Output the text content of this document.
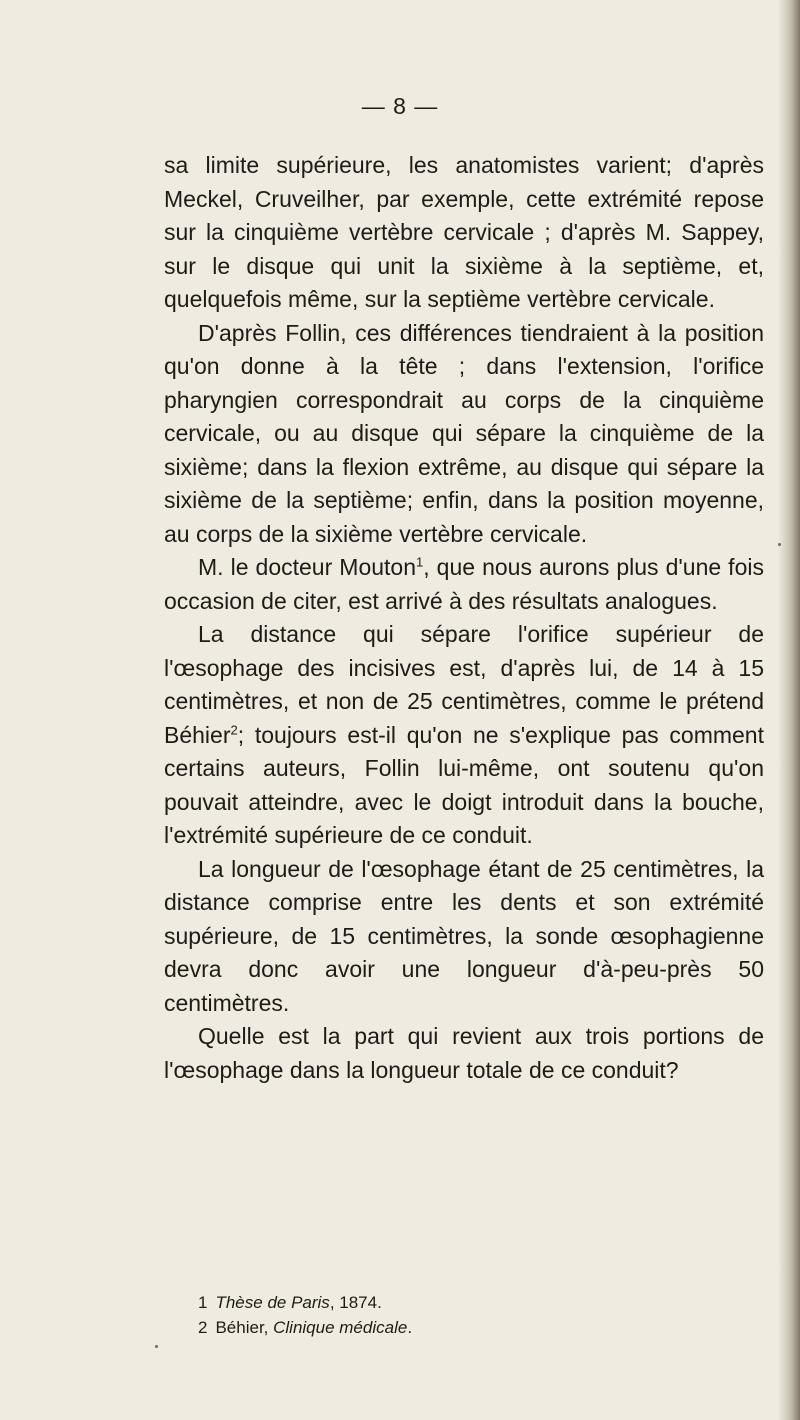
— 8 —

sa limite supérieure, les anatomistes varient; d'après Meckel, Cruveilher, par exemple, cette extrémité repose sur la cinquième vertèbre cervicale ; d'après M. Sappey, sur le disque qui unit la sixième à la septième, et, quelquefois même, sur la septième vertèbre cervicale.

D'après Follin, ces différences tiendraient à la position qu'on donne à la tête ; dans l'extension, l'orifice pharyngien correspondrait au corps de la cinquième cervicale, ou au disque qui sépare la cinquième de la sixième; dans la flexion extrême, au disque qui sépare la sixième de la septième; enfin, dans la position moyenne, au corps de la sixième vertèbre cervicale.

M. le docteur Mouton$^1$, que nous aurons plus d'une fois occasion de citer, est arrivé à des résultats analogues.

La distance qui sépare l'orifice supérieur de l'œsophage des incisives est, d'après lui, de 14 à 15 centimètres, et non de 25 centimètres, comme le prétend Béhier$^2$; toujours est-il qu'on ne s'explique pas comment certains auteurs, Follin lui-même, ont soutenu qu'on pouvait atteindre, avec le doigt introduit dans la bouche, l'extrémité supérieure de ce conduit.

La longueur de l'œsophage étant de 25 centimètres, la distance comprise entre les dents et son extrémité supérieure, de 15 centimètres, la sonde œsophagienne devra donc avoir une longueur d'à-peu-près 50 centimètres.

Quelle est la part qui revient aux trois portions de l'œsophage dans la longueur totale de ce conduit?

1 Thèse de Paris, 1874.

2 Béhier, Clinique médicale.
